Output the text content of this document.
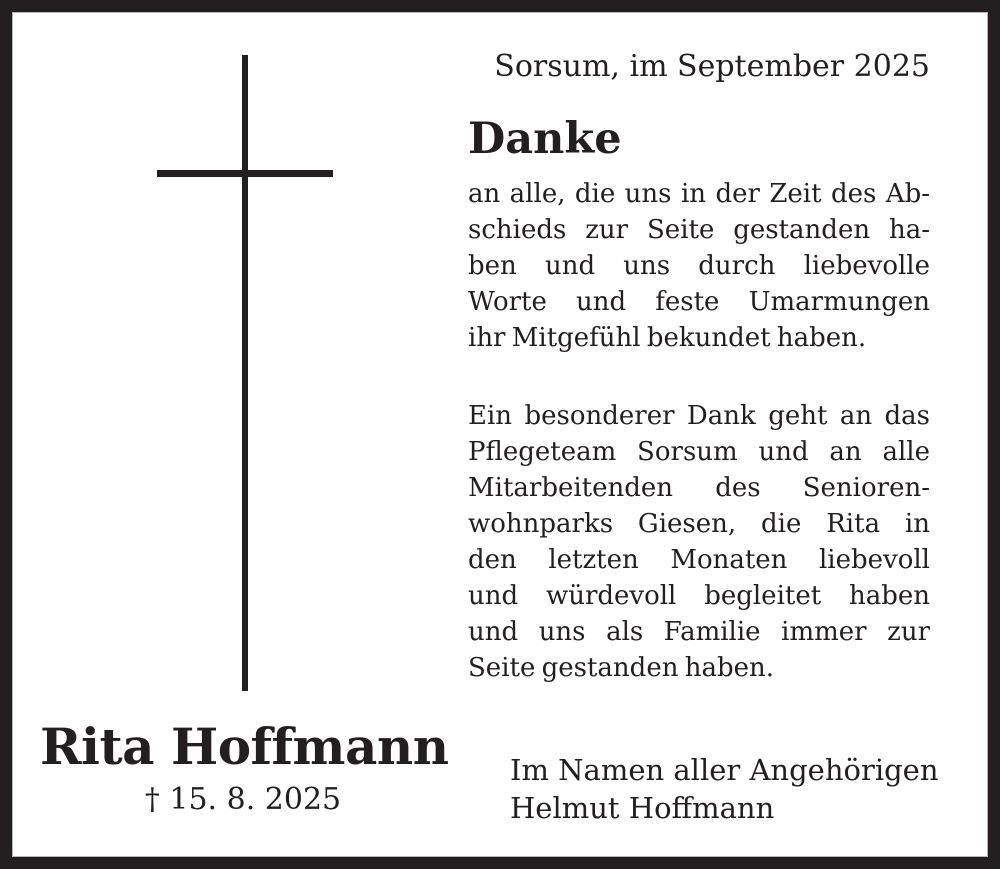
Rita Hoffmann
† 15. 8. 2025
Sorsum, im September 2025
Danke
an alle, die uns in der Zeit des Ab-
schieds zur Seite gestanden ha-
ben und uns durch liebevolle
Worte und feste Umarmungen
ihr Mitgefühl bekundet haben.
Ein besonderer Dank geht an das
Pflegeteam Sorsum und an alle
Mitarbeitenden des Senioren-
wohnparks Giesen, die Rita in
den letzten Monaten liebevoll
und würdevoll begleitet haben
und uns als Familie immer zur
Seite gestanden haben.
Im Namen aller Angehörigen
Helmut Hoffmann
